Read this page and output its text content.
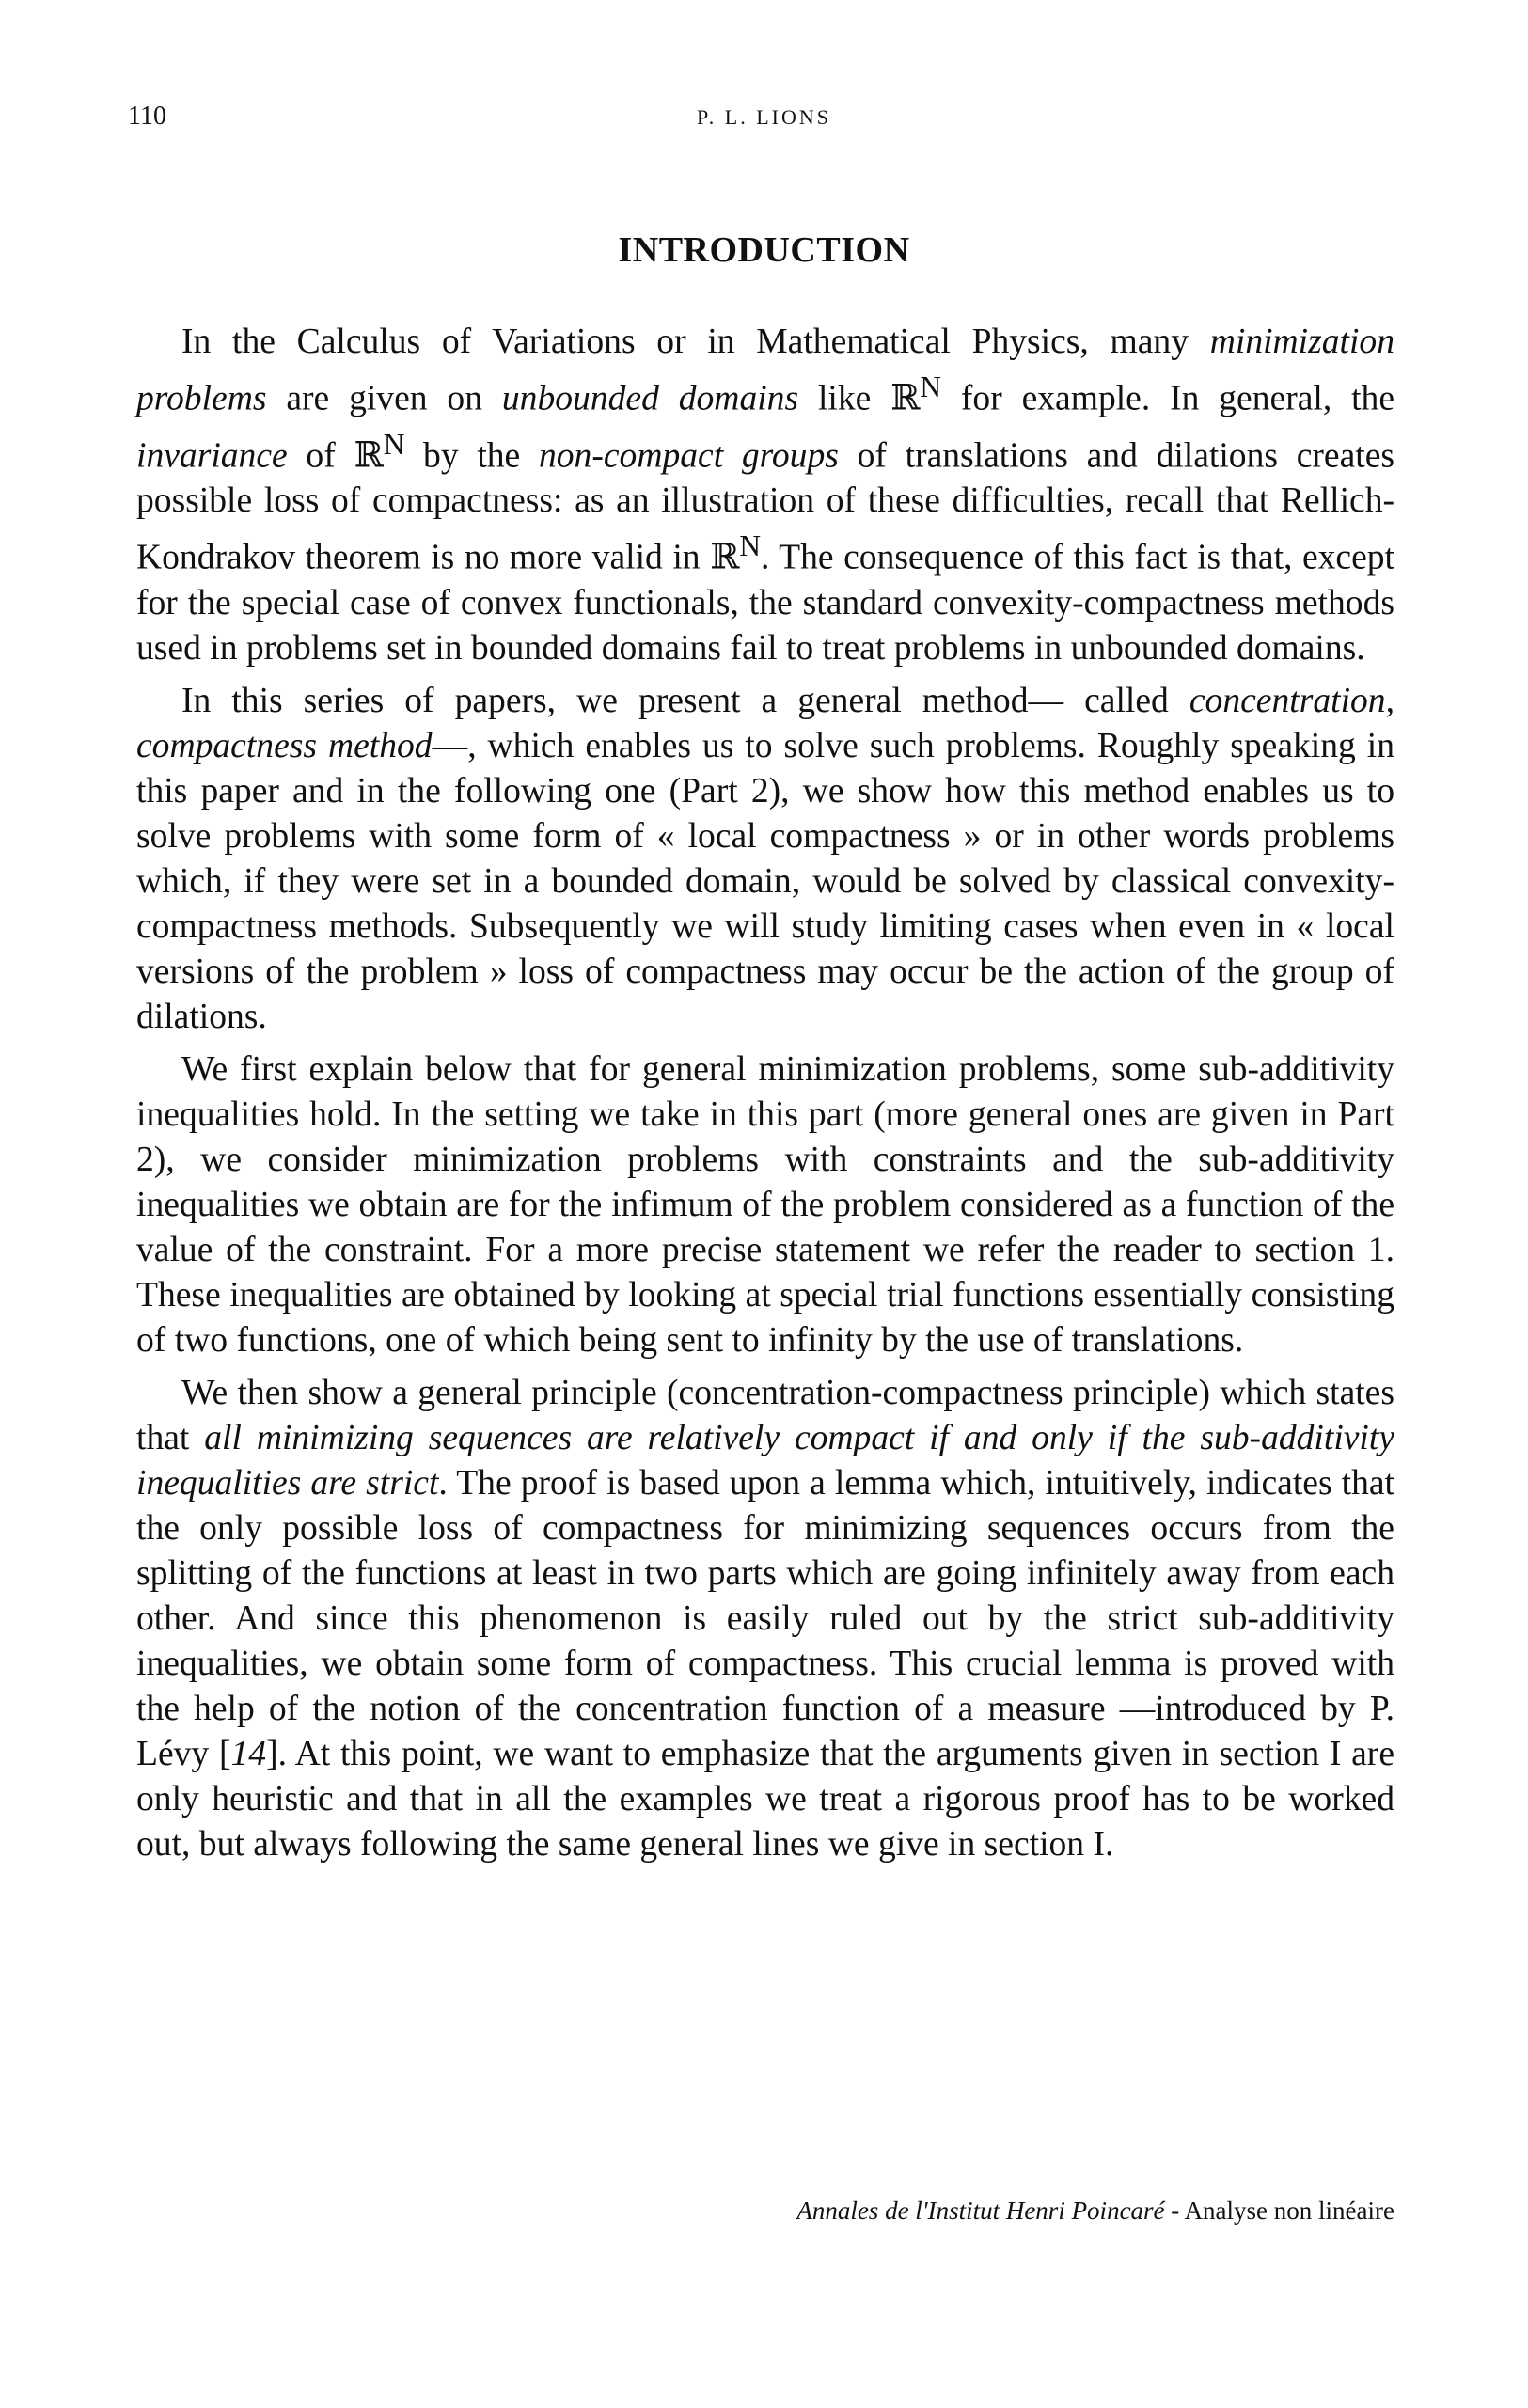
110	P. L. LIONS
INTRODUCTION

In the Calculus of Variations or in Mathematical Physics, many minimization problems are given on unbounded domains like ℝ$^N$ for example. In general, the invariance of ℝ$^N$ by the non-compact groups of translations and dilations creates possible loss of compactness: as an illustration of these difficulties, recall that Rellich-Kondrakov theorem is no more valid in ℝ$^N$. The consequence of this fact is that, except for the special case of convex functionals, the standard convexity-compactness methods used in problems set in bounded domains fail to treat problems in unbounded domains.

In this series of papers, we present a general method— called concentration, compactness method—, which enables us to solve such problems. Roughly speaking in this paper and in the following one (Part 2), we show how this method enables us to solve problems with some form of « local compactness » or in other words problems which, if they were set in a bounded domain, would be solved by classical convexity-compactness methods. Subsequently we will study limiting cases when even in « local versions of the problem » loss of compactness may occur be the action of the group of dilations.

We first explain below that for general minimization problems, some sub-additivity inequalities hold. In the setting we take in this part (more general ones are given in Part 2), we consider minimization problems with constraints and the sub-additivity inequalities we obtain are for the infimum of the problem considered as a function of the value of the constraint. For a more precise statement we refer the reader to section 1. These inequalities are obtained by looking at special trial functions essentially consisting of two functions, one of which being sent to infinity by the use of translations.

We then show a general principle (concentration-compactness principle) which states that all minimizing sequences are relatively compact if and only if the sub-additivity inequalities are strict. The proof is based upon a lemma which, intuitively, indicates that the only possible loss of compactness for minimizing sequences occurs from the splitting of the functions at least in two parts which are going infinitely away from each other. And since this phenomenon is easily ruled out by the strict sub-additivity inequalities, we obtain some form of compactness. This crucial lemma is proved with the help of the notion of the concentration function of a measure —introduced by P. Lévy [14]. At this point, we want to emphasize that the arguments given in section I are only heuristic and that in all the examples we treat a rigorous proof has to be worked out, but always following the same general lines we give in section I.

Annales de l'Institut Henri Poincaré - Analyse non linéaire
